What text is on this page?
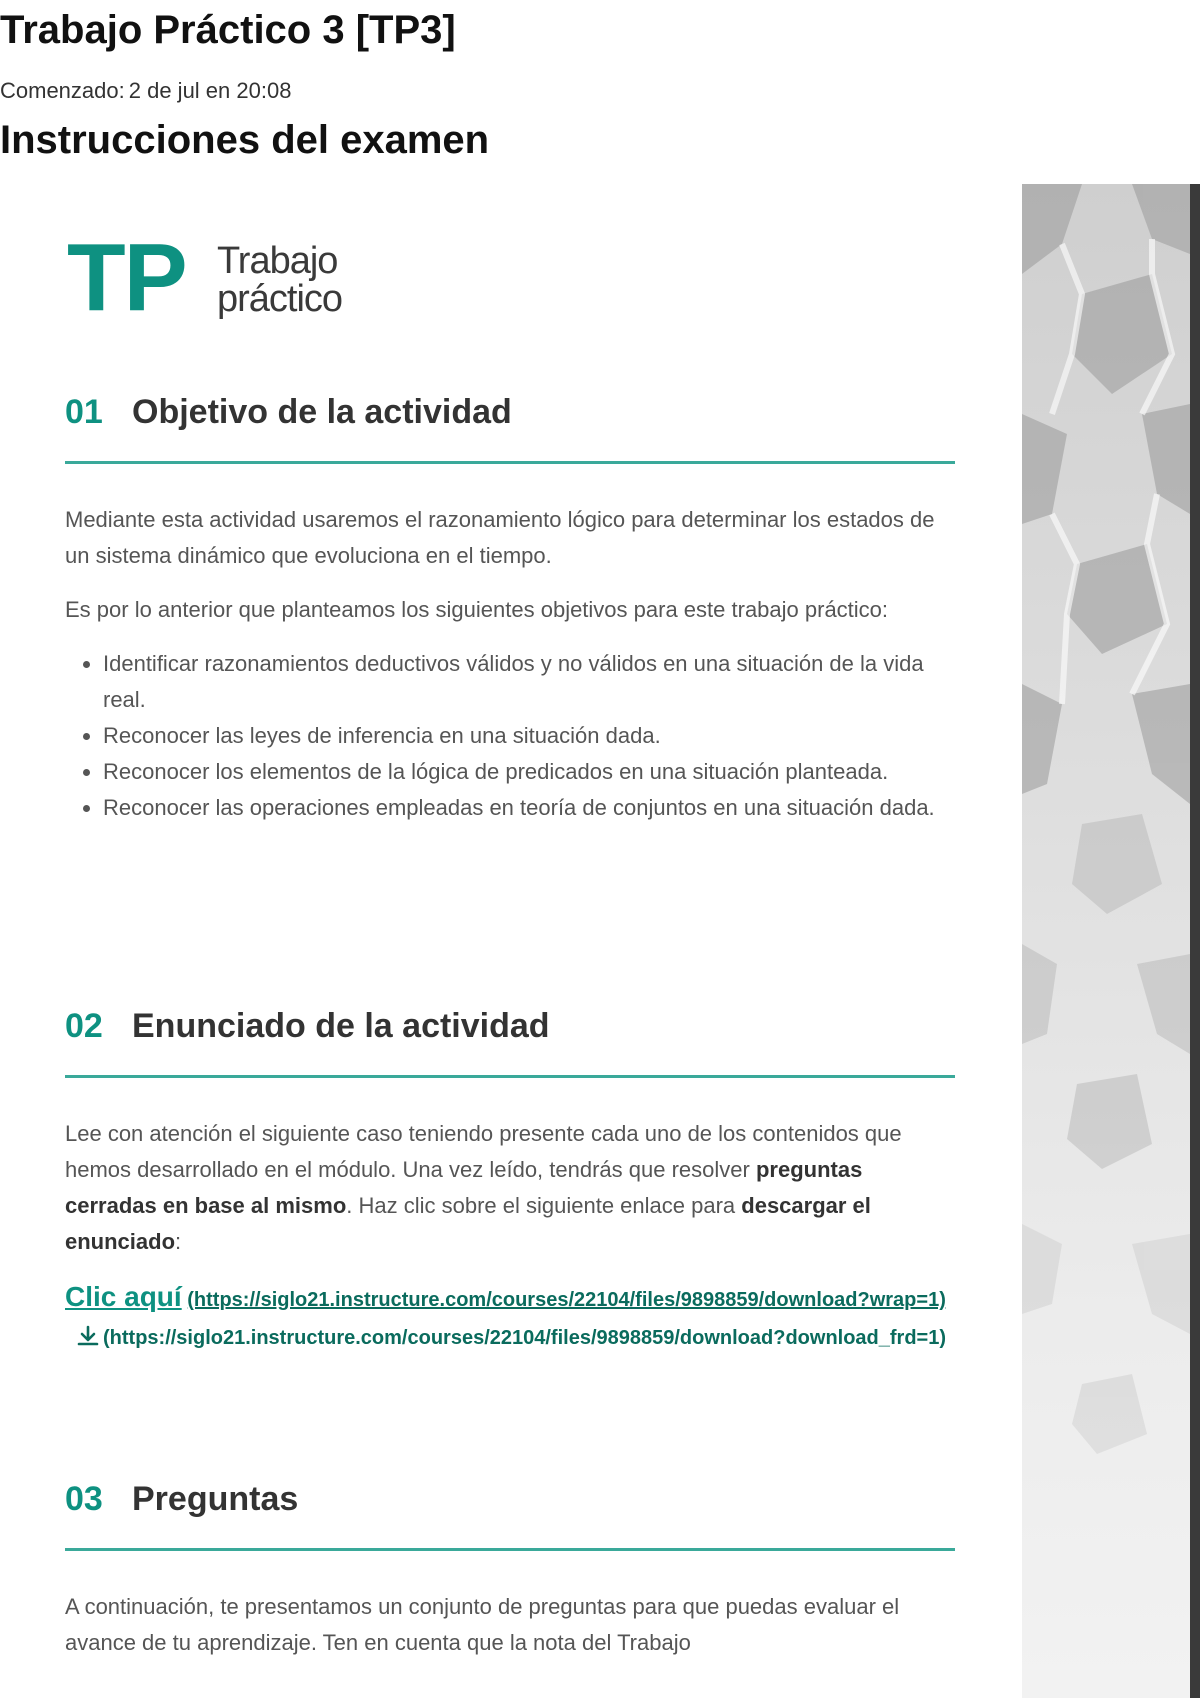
Trabajo Práctico 3 [TP3]
Comenzado: 2 de jul en 20:08
Instrucciones del examen
TP Trabajo
práctico
01 Objetivo de la actividad

Mediante esta actividad usaremos el razonamiento lógico para determinar los estados de un sistema dinámico que evoluciona en el tiempo.

Es por lo anterior que planteamos los siguientes objetivos para este trabajo práctico:

• Identificar razonamientos deductivos válidos y no válidos en una situación de la vida real.
• Reconocer las leyes de inferencia en una situación dada.
• Reconocer los elementos de la lógica de predicados en una situación planteada.
• Reconocer las operaciones empleadas en teoría de conjuntos en una situación dada.
02 Enunciado de la actividad

Lee con atención el siguiente caso teniendo presente cada uno de los contenidos que hemos desarrollado en el módulo. Una vez leído, tendrás que resolver preguntas cerradas en base al mismo. Haz clic sobre el siguiente enlace para descargar el enunciado:

Clic aquí (https://siglo21.instructure.com/courses/22104/files/9898859/download?wrap=1)(https://siglo21.instructure.com/courses/22104/files/9898859/download?download_frd=1)
03 Preguntas

A continuación, te presentamos un conjunto de preguntas para que puedas evaluar el avance de tu aprendizaje. Ten en cuenta que la nota del Trabajo
